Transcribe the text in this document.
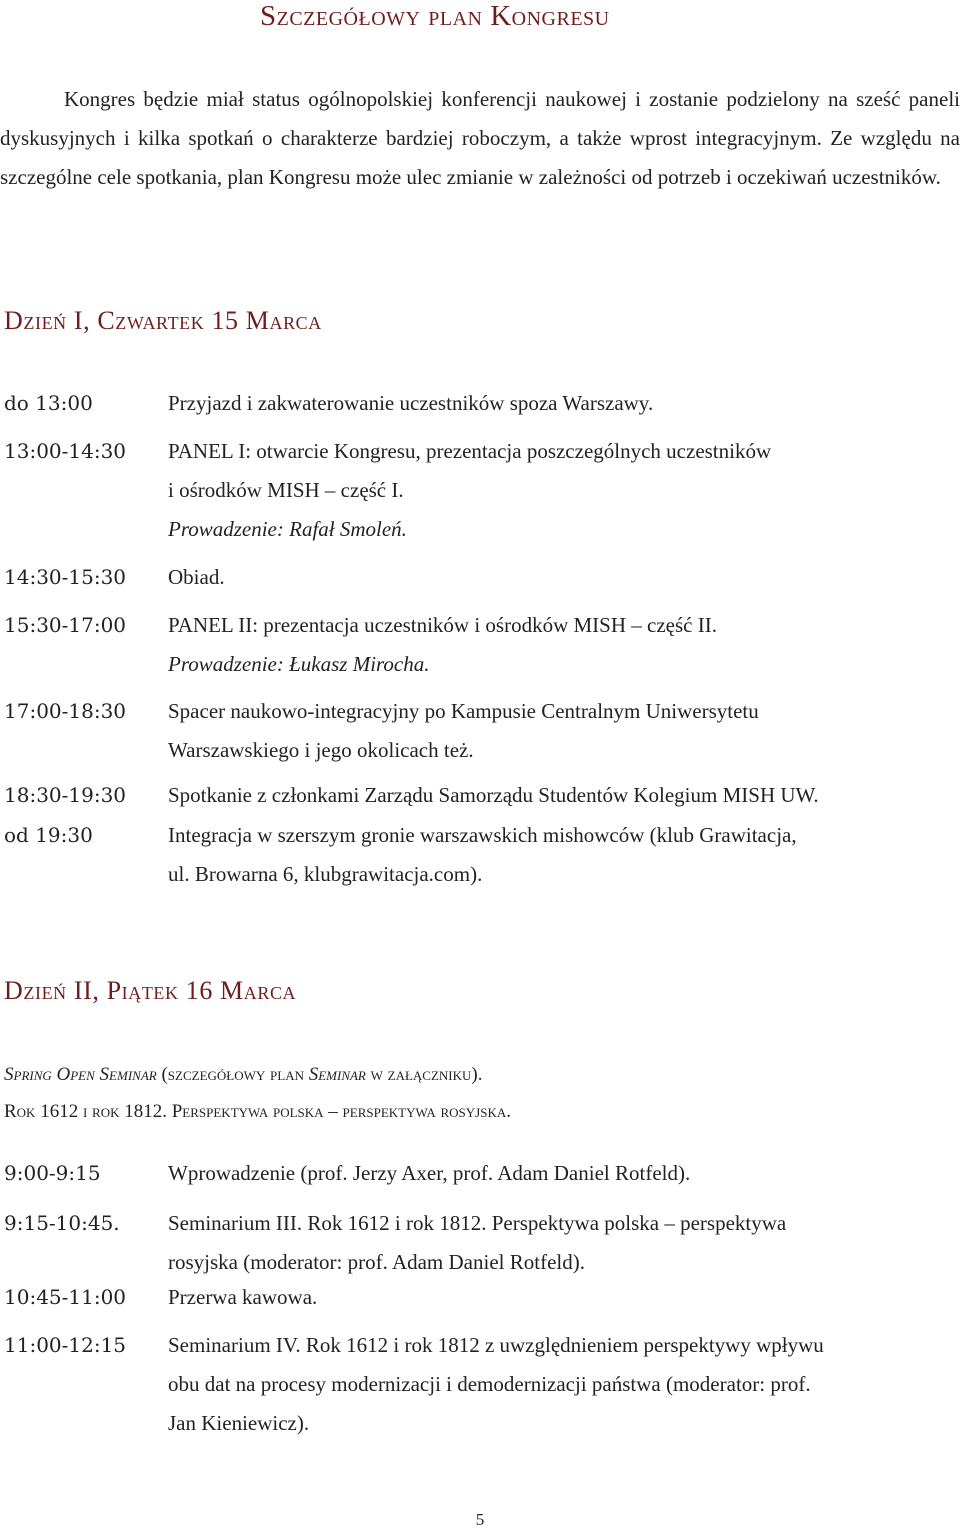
Szczegółowy plan Kongresu
Kongres będzie miał status ogólnopolskiej konferencji naukowej i zostanie podzielony na sześć paneli dyskusyjnych i kilka spotkań o charakterze bardziej roboczym, a także wprost integracyjnym. Ze względu na szczególne cele spotkania, plan Kongresu może ulec zmianie w zależności od potrzeb i oczekiwań uczestników.
Dzień I, Czwartek 15 Marca
do 13:00	Przyjazd i zakwaterowanie uczestników spoza Warszawy.
13:00-14:30 PANEL I: otwarcie Kongresu, prezentacja poszczególnych uczestników
i ośrodków MISH – część I.
Prowadzenie: Rafał Smoleń.
14:30-15:30 Obiad.
15:30-17:00 PANEL II: prezentacja uczestników i ośrodków MISH – część II.
Prowadzenie: Łukasz Mirocha.
17:00-18:30 Spacer naukowo-integracyjny po Kampusie Centralnym Uniwersytetu
Warszawskiego i jego okolicach też.
18:30-19:30 Spotkanie z członkami Zarządu Samorządu Studentów Kolegium MISH UW.
od 19:30	Integracja w szerszym gronie warszawskich mishowców (klub Grawitacja,
ul. Browarna 6, klubgrawitacja.com).
Dzień II, Piątek 16 Marca
Spring Open Seminar (szczegółowy plan Seminar w załączniku).
Rok 1612 i rok 1812. Perspektywa polska – perspektywa rosyjska.
9:00-9:15	Wprowadzenie (prof. Jerzy Axer, prof. Adam Daniel Rotfeld).
9:15-10:45. Seminarium III. Rok 1612 i rok 1812. Perspektywa polska – perspektywa
rosyjska (moderator: prof. Adam Daniel Rotfeld).
10:45-11:00 Przerwa kawowa.
11:00-12:15 Seminarium IV. Rok 1612 i rok 1812 z uwzględnieniem perspektywy wpływu
obu dat na procesy modernizacji i demodernizacji państwa (moderator: prof.
Jan Kieniewicz).
5
